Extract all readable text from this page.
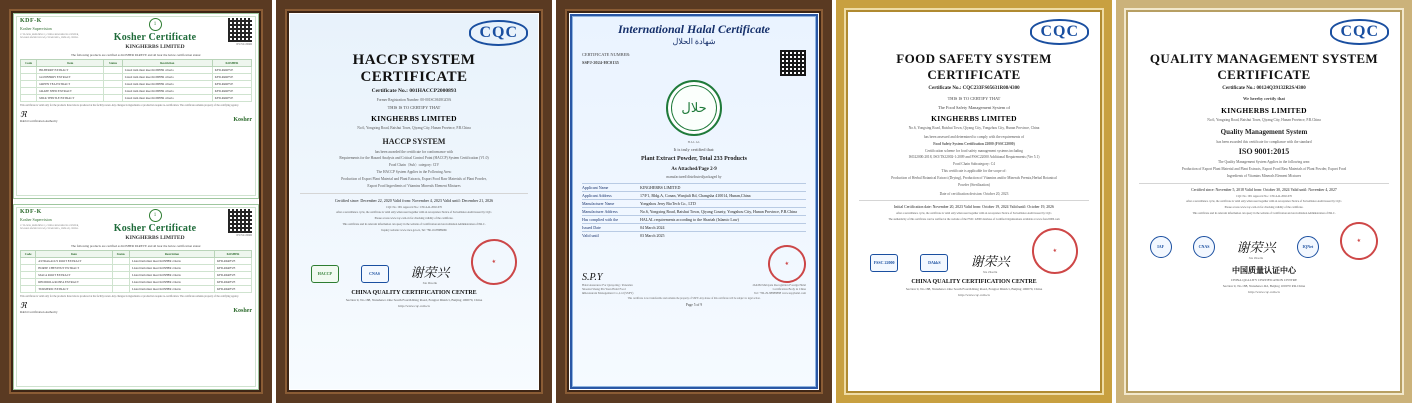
KDF-K
Kosher Supervision
17 FLOOR, BUILDING 3, CHINA RESOURCES CENTER, NO.588 LUSONG ROAD, CHANGSHA, HUNAN, CHINA
1	Kosher Certificate
KINGHERBS LIMITED	05/31/2026
The following products are certified as KOSHER PAREVE and all bear the below certification status:
Code	Item	Status	Restriction	KOSHER
	BILBERRY EXTRACT		Listed item must meet KOSHER criteria	KFD-PAREVE
	GOJI BERRY EXTRACT		Listed item must meet KOSHER criteria	KFD-PAREVE
	GREEN TEA EXTRACT		Listed item must meet KOSHER criteria	KFD-PAREVE
	GRAPE SEED EXTRACT		Listed item must meet KOSHER criteria	KFD-PAREVE
	MILK THISTLE EXTRACT		Listed item must meet KOSHER criteria	KFD-PAREVE
This certificate is valid only for the products listed above produced at the facility noted. Any changes in ingredients or production require re-certification. The certificate remains property of the certifying agency.
ℜ
Rabbi Certification Authority	Kosher
KDF-K
Kosher Supervision
17 FLOOR, BUILDING 3, CHINA RESOURCES CENTER, NO.588 LUSONG ROAD, CHANGSHA, HUNAN, CHINA
1	Kosher Certificate
KINGHERBS LIMITED	05/31/2026
The following products are certified as KOSHER PAREVE and all bear the below certification status:
Code	Item	Status	Restriction	KOSHER
	ASTRAGALUS ROOT EXTRACT		Listed item must meet KOSHER criteria	KFD-PAREVE
	HORSE CHESTNUT EXTRACT		Listed item must meet KOSHER criteria	KFD-PAREVE
	MACA ROOT EXTRACT		Listed item must meet KOSHER criteria	KFD-PAREVE
	RHODIOLA ROSEA EXTRACT		Listed item must meet KOSHER criteria	KFD-PAREVE
	TURMERIC EXTRACT		Listed item must meet KOSHER criteria	KFD-PAREVE
This certificate is valid only for the products listed above produced at the facility noted. Any changes in ingredients or production require re-certification. The certificate remains property of the certifying agency.
ℜ
Rabbi Certification Authority	Kosher
CQC
HACCP SYSTEM CERTIFICATE
Certificate No.: 001HACCP2000893
Former Registration Number: 00-001SC0618GZ0A
THIS IS TO CERTIFY THAT
KINGHERBS LIMITED
No.6, Yongxing Road, Baishui Town, Qiyang City, Hunan Province, P.R.China
HACCP SYSTEM
has been awarded the certificate for conformance with
Requirements for the Hazard Analysis and Critical Control Point (HACCP) System Certification (V1.0)
Food Chain（Sub）category: CIV
The HACCP System Applies in the Following Area:
Production of Export Plant Material and Plant Extracts, Export Food Raw Materials of Plant Powder,
Export Food Ingredients of Vitamins Minerals Element Mixtures
Certified since: December 22, 2020 Valid from: November 4, 2023 Valid until: December 21, 2026
CQC No.: 001 Approval No.: CNCA-R-2002-076
After a surveillance cycle, the certificate is valid only when used together with an Acceptance Notice of Surveillance Audit issued by CQC.
Please access www.cqc.com.cn for checking validity of the certificate.
This certificate and its relevant information can query in the website of Certification and Accreditation Administration of P.R.C.
Inquiry website: www.cnca.gov.cn, Tel: +86-10-83886666
HACCP	CNAS	谢荣兴
Xie Zhaoliu
★
CHINA QUALITY CERTIFICATION CENTRE
Section 9, No.188, Nanshawo One South Fourth Ring Road, Fengtai District, Beijing 100070, China
http://www.cqc.com.cn
International Halal Certificate
شهادة الحلال
CERTIFICATE NUMBER:
SSPJ-2024-HC0135
حلال
H A L A L
It is truly certified that:
Plant Extract Powder, Total 233 Products
As Attached/Page 2-9
manufactured/distributed/packaged by
Applicant Name	KINGHERBS LIMITED
Applicant Address	17/F1, Bldg.A, Conan, Wanjiali Rd, Changsha 410014, Hunan,China
Manufacturer Name	Yongzhou Jerry BioTech Co., LTD
Manufacturer Address	No.6, Yongxing Road, Baishui Town, Qiyang County, Yongzhou City, Hunan Province, P.R.China
Has complied with the	HALAL requirements according to the Shariah (Islamic Law)
Issued Date	04 March 2024
Valid until	03 March 2025
S.P.Y
Halal Assurance For Qurqoting / Penzelan
Shaanxi Shang Pin Yuan Halal Food
&Restaurant Management Co.,Ltd (SSPY)
★
JAKIM Malaysia Recognition Foreign Halal
Certification Body in China
Tel: +86-29-88888888 www.sspyhalal.com
This certificate is not transferable and remains the property of SSPY. Any abuse of this certificate will be subject to legal action.
Page 5 of 9
CQC
FOOD SAFETY SYSTEM CERTIFICATE
Certificate No.: CQC233FS05631R08/4300
THIS IS TO CERTIFY THAT
The Food Safety Management System of
KINGHERBS LIMITED
No.6, Yongxing Road, Baishui Town, Qiyang City, Yongzhou City, Hunan Province, China
has been assessed and determined to comply with the requirements of
Food Safety System Certification 22000 (FSSC22000)
Certification scheme for food safety management systems including
ISO22000:2018, ISO/TS22002-1:2009 and FSSC22000 Additional Requirements (Ver 5.1)
Food Chain Subcategory: C4
This certificate is applicable for the scope of:
Production of Herbal Botanical Extract (Drying), Production of Vitamins and/or Minerals Premix,Herbal Botanical
Powder (Sterilization)
Date of certification decision: October 20, 2023
Initial Certification date: November 20, 2023 Valid from: October 19, 2024 Valid until: October 19, 2026
After a surveillance cycle, the certificate is valid only when used together with an Acceptance Notice of Surveillance Audit issued by CQC.
The authenticity of this certificate can be verified at the website of the FSSC 22000 database of Certified Organizations available at www.fssc22000.com
FSSC 22000	DAkkS	谢荣兴
Xie Zhaoliu
★
CHINA QUALITY CERTIFICATION CENTRE
Section 9, No.188, Nanshawo One South Fourth Ring Road, Fengtai District, Beijing 100070, China
http://www.cqc.com.cn
CQC
QUALITY MANAGEMENT SYSTEM
CERTIFICATE
Certificate No.: 00124Q39132R2S/4300
We hereby certify that
KINGHERBS LIMITED
No.6, Yongxing Road, Baishui Town, Qiyang City, Hunan Province, P.R.China
Quality Management System
has been awarded this certificate for compliance with the standard
ISO 9001:2015
The Quality Management System Applies in the following area:
Production of Export Plant Material and Plant Extracts, Export Food Raw Materials of Plant Powder, Export Food
Ingredients of Vitamins Minerals Element Mixtures
Certified since: November 5, 2018 Valid from: October 30, 2024 Valid until: November 4, 2027
CQC No.: 001 Approval No.: CNCA-R-2002-076
After a surveillance cycle, the certificate is valid only when used together with an Acceptance Notice of Surveillance Audit issued by CQC.
Please access www.cqc.com.cn for checking validity of the certificate.
This certificate and its relevant information can query in the website of Certification and Accreditation Administration of P.R.C.
IAF	CNAS	谢荣兴
Xie Zhaoliu
IQNet
★
中国质量认证中心
CHINA QUALITY CERTIFICATION CENTRE
Section 9, No.188, Nanshawo Rd, Beijing 100070 P.R.China
http://www.cqc.com.cn
